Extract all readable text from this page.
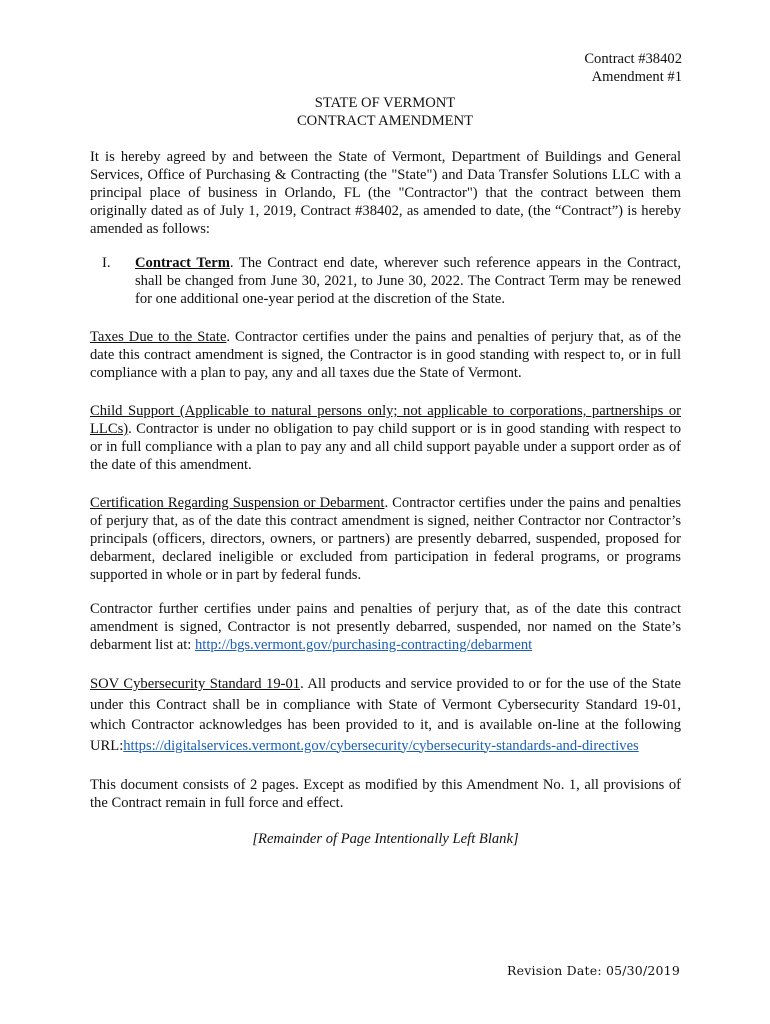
Contract #38402
Amendment #1
STATE OF VERMONT
CONTRACT AMENDMENT

It is hereby agreed by and between the State of Vermont, Department of Buildings and General Services, Office of Purchasing & Contracting (the "State") and Data Transfer Solutions LLC with a principal place of business in Orlando, FL (the "Contractor") that the contract between them originally dated as of July 1, 2019, Contract #38402, as amended to date, (the “Contract”) is hereby amended as follows:

I.	Contract Term. The Contract end date, wherever such reference appears in the Contract, shall be changed from June 30, 2021, to June 30, 2022. The Contract Term may be renewed for one additional one-year period at the discretion of the State.

Taxes Due to the State. Contractor certifies under the pains and penalties of perjury that, as of the date this contract amendment is signed, the Contractor is in good standing with respect to, or in full compliance with a plan to pay, any and all taxes due the State of Vermont.

Child Support (Applicable to natural persons only; not applicable to corporations, partnerships or LLCs). Contractor is under no obligation to pay child support or is in good standing with respect to or in full compliance with a plan to pay any and all child support payable under a support order as of the date of this amendment.

Certification Regarding Suspension or Debarment. Contractor certifies under the pains and penalties of perjury that, as of the date this contract amendment is signed, neither Contractor nor Contractor’s principals (officers, directors, owners, or partners) are presently debarred, suspended, proposed for debarment, declared ineligible or excluded from participation in federal programs, or programs supported in whole or in part by federal funds.

Contractor further certifies under pains and penalties of perjury that, as of the date this contract amendment is signed, Contractor is not presently debarred, suspended, nor named on the State’s debarment list at: http://bgs.vermont.gov/purchasing-contracting/debarment

SOV Cybersecurity Standard 19-01. All products and service provided to or for the use of the State under this Contract shall be in compliance with State of Vermont Cybersecurity Standard 19-01, which Contractor acknowledges has been provided to it, and is available on-line at the following URL:https://digitalservices.vermont.gov/cybersecurity/cybersecurity-standards-and-directives

This document consists of 2 pages. Except as modified by this Amendment No. 1, all provisions of the Contract remain in full force and effect.

[Remainder of Page Intentionally Left Blank]
Revision Date: 05/30/2019
